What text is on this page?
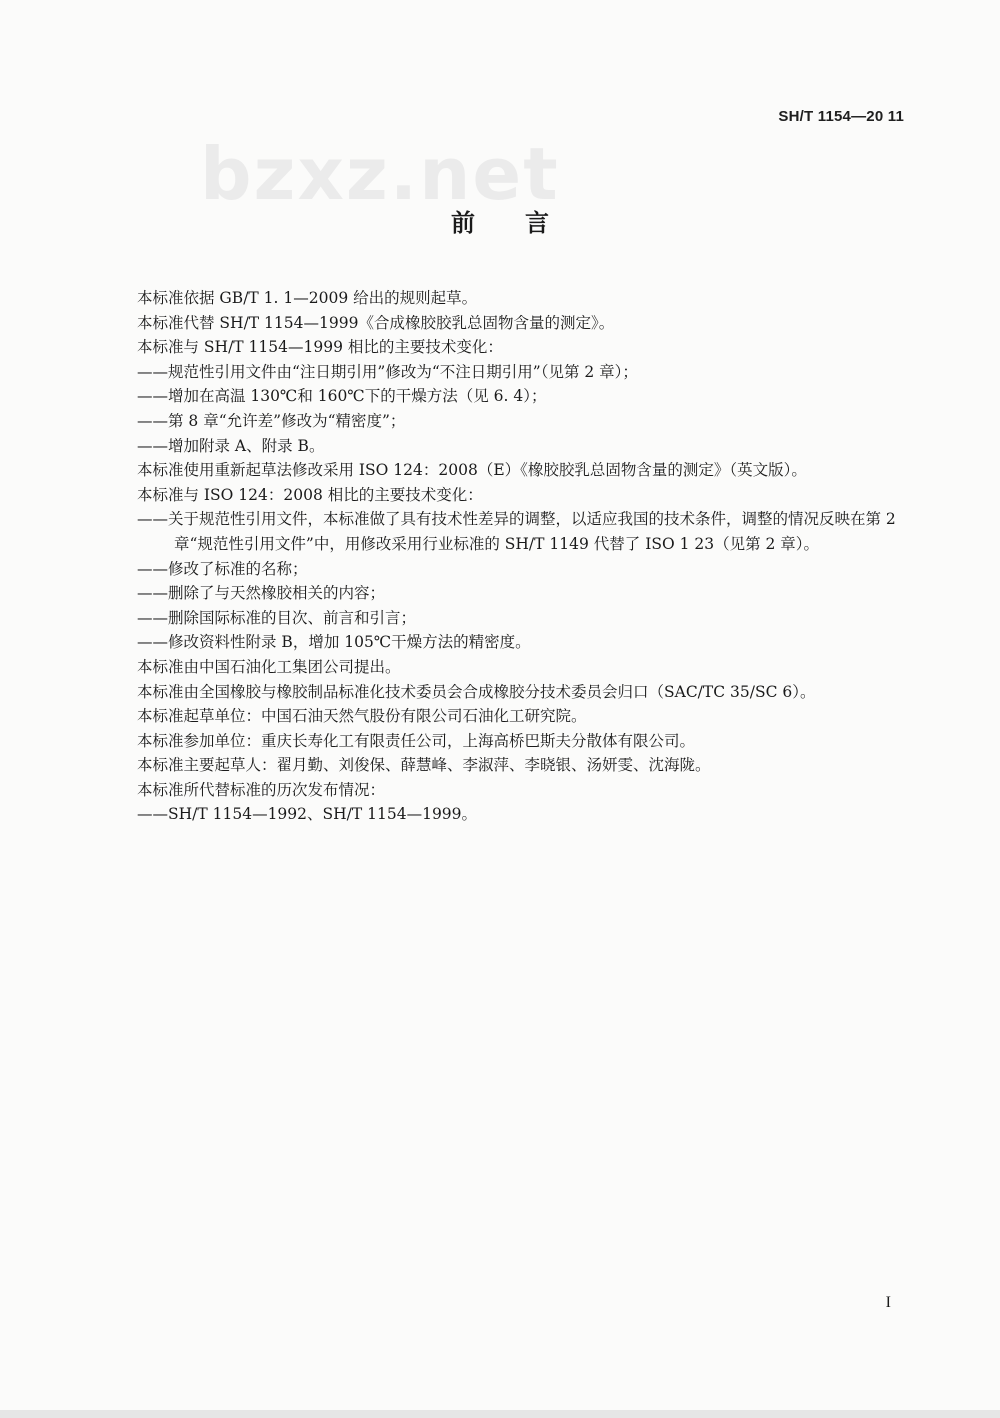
SH/T 1154—20 11
bzxz.net
前言

本标准依据 GB/T 1. 1—2009 给出的规则起草。

本标准代替 SH/T 1154—1999《合成橡胶胶乳总固物含量的测定》。

本标准与 SH/T 1154—1999 相比的主要技术变化：

——规范性引用文件由“注日期引用”修改为“不注日期引用”（见第 2 章）；

——增加在高温 130℃和 160℃下的干燥方法（见 6. 4）；

——第 8 章“允许差”修改为“精密度”；

——增加附录 A、附录 B。

本标准使用重新起草法修改采用 ISO 124：2008（E）《橡胶胶乳总固物含量的测定》（英文版）。

本标准与 ISO 124：2008 相比的主要技术变化：

——关于规范性引用文件，本标准做了具有技术性差异的调整，以适应我国的技术条件，调整的情况反映在第 2 章“规范性引用文件”中，用修改采用行业标准的 SH/T 1149 代替了 ISO 1 23（见第 2 章）。

——修改了标准的名称；

——删除了与天然橡胶相关的内容；

——删除国际标准的目次、前言和引言；

——修改资料性附录 B，增加 105℃干燥方法的精密度。

本标准由中国石油化工集团公司提出。

本标准由全国橡胶与橡胶制品标准化技术委员会合成橡胶分技术委员会归口（SAC/TC 35/SC 6）。

本标准起草单位：中国石油天然气股份有限公司石油化工研究院。

本标准参加单位：重庆长寿化工有限责任公司，上海高桥巴斯夫分散体有限公司。

本标准主要起草人：翟月勤、刘俊保、薛慧峰、李淑萍、李晓银、汤妍雯、沈海陇。

本标准所代替标准的历次发布情况：

——SH/T 1154—1992、SH/T 1154—1999。

I
